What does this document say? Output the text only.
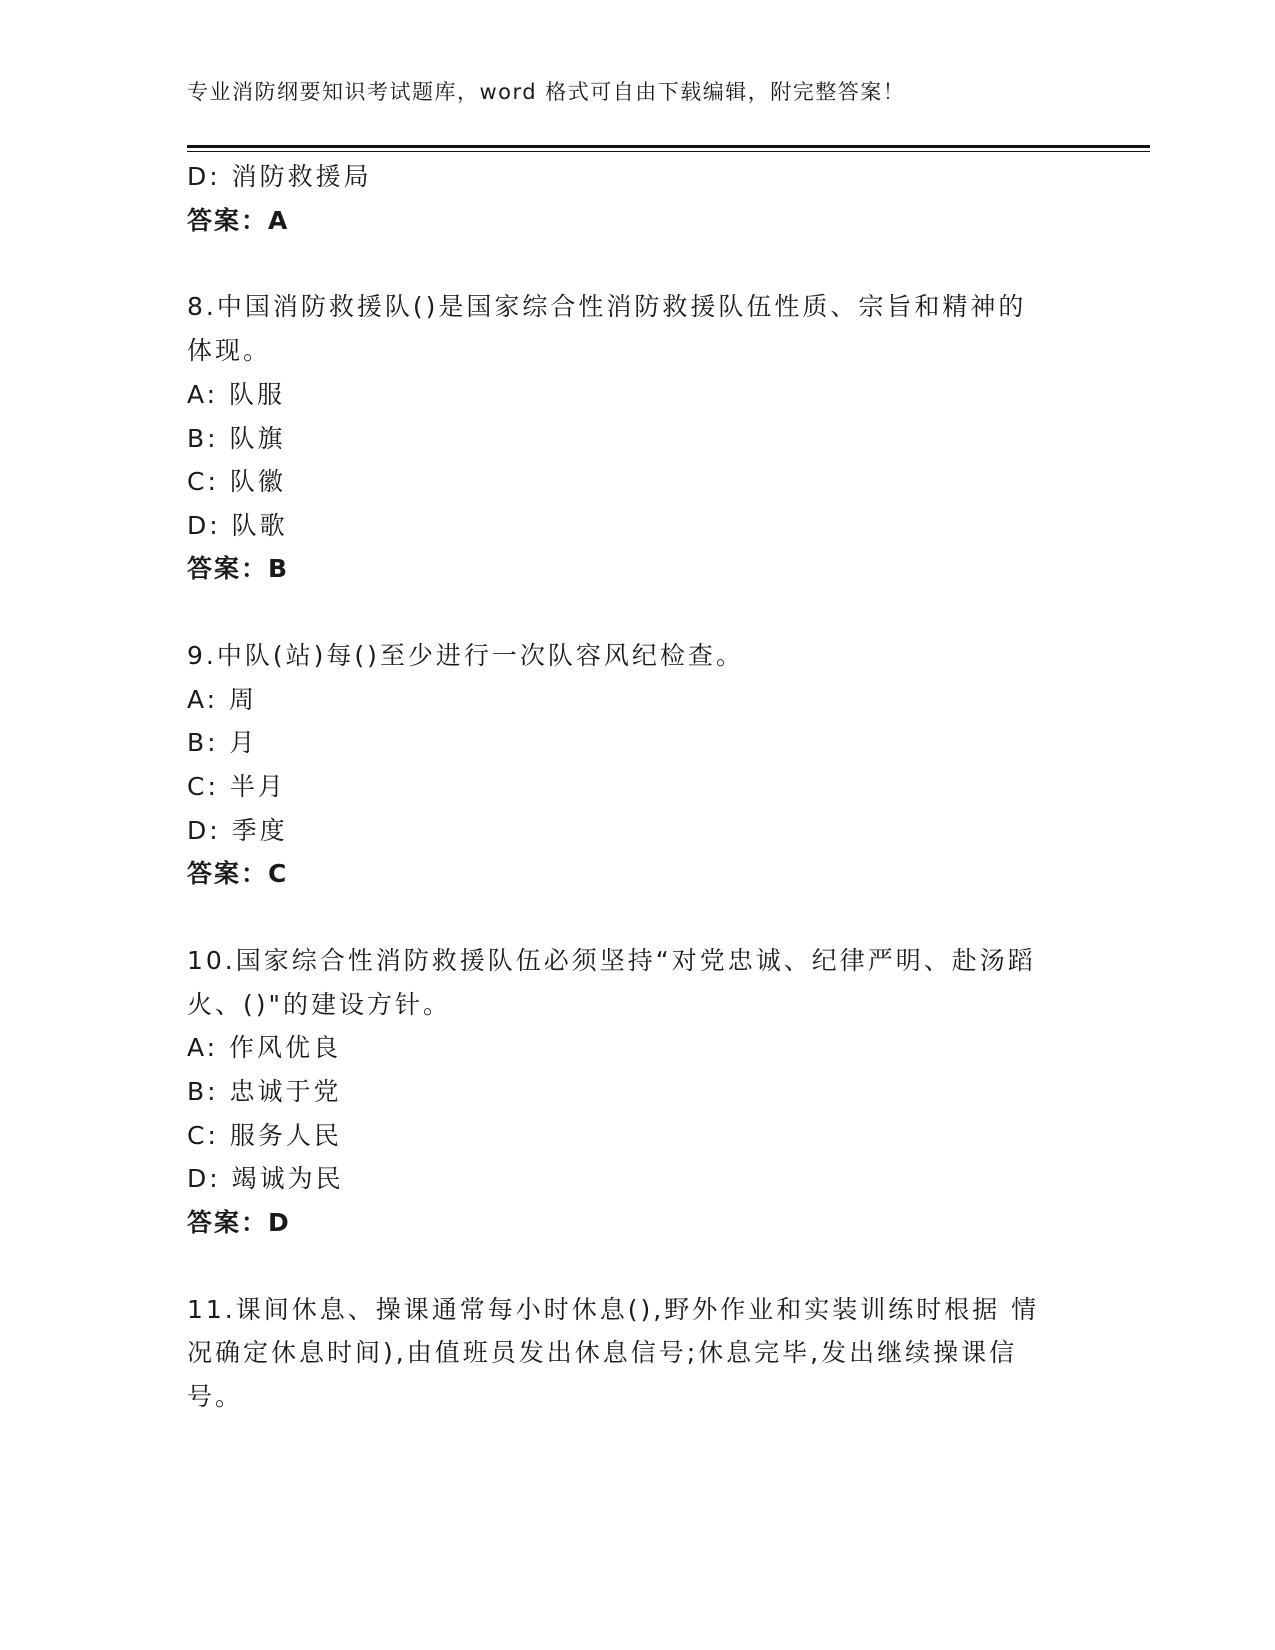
专业消防纲要知识考试题库，word 格式可自由下载编辑，附完整答案！
D: 消防救援局
答案：A
8.中国消防救援队()是国家综合性消防救援队伍性质、宗旨和精神的
体现。
A: 队服
B: 队旗
C: 队徽
D: 队歌
答案：B
9.中队(站)每()至少进行一次队容风纪检查。
A: 周
B: 月
C: 半月
D: 季度
答案：C
10.国家综合性消防救援队伍必须坚持“对党忠诚、纪律严明、赴汤蹈
火、()"的建设方针。
A: 作风优良
B: 忠诚于党
C: 服务人民
D: 竭诚为民
答案：D
11.课间休息、操课通常每小时休息(),野外作业和实装训练时根据 情
况确定休息时间),由值班员发出休息信号;休息完毕,发出继续操课信
号。
